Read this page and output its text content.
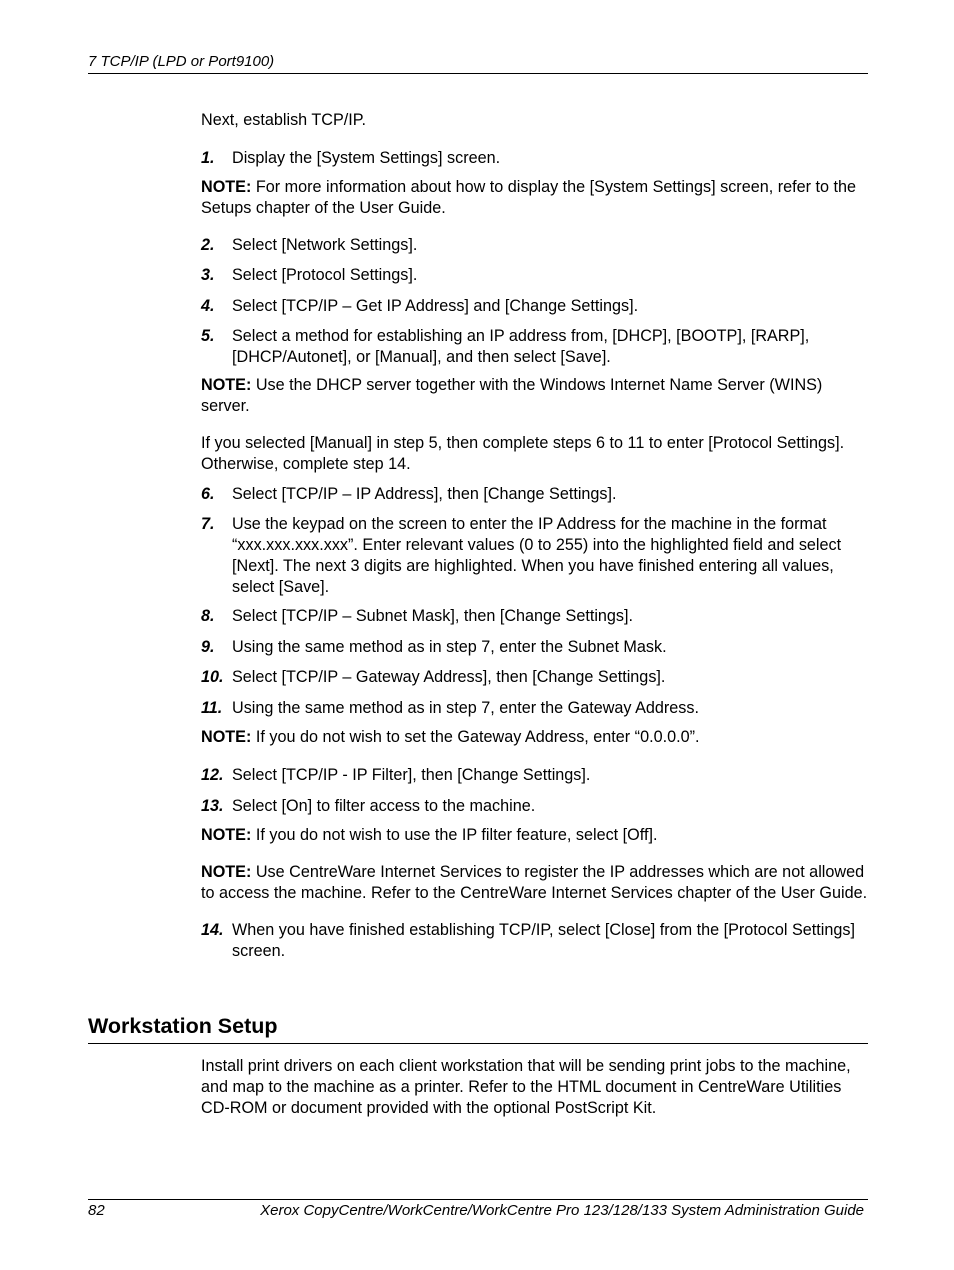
7 TCP/IP (LPD or Port9100)

Next, establish TCP/IP.

1. Display the [System Settings] screen.

NOTE: For more information about how to display the [System Settings] screen, refer to the Setups chapter of the User Guide.

2. Select [Network Settings].
3. Select [Protocol Settings].
4. Select [TCP/IP – Get IP Address] and [Change Settings].
5. Select a method for establishing an IP address from, [DHCP], [BOOTP], [RARP], [DHCP/Autonet], or [Manual], and then select [Save].

NOTE: Use the DHCP server together with the Windows Internet Name Server (WINS) server.

If you selected [Manual] in step 5, then complete steps 6 to 11 to enter [Protocol Settings]. Otherwise, complete step 14.

6. Select [TCP/IP – IP Address], then [Change Settings].
7. Use the keypad on the screen to enter the IP Address for the machine in the format “xxx.xxx.xxx.xxx”. Enter relevant values (0 to 255) into the highlighted field and select [Next]. The next 3 digits are highlighted. When you have finished entering all values, select [Save].
8. Select [TCP/IP – Subnet Mask], then [Change Settings].
9. Using the same method as in step 7, enter the Subnet Mask.
10. Select [TCP/IP – Gateway Address], then [Change Settings].
11. Using the same method as in step 7, enter the Gateway Address.

NOTE: If you do not wish to set the Gateway Address, enter “0.0.0.0”.

12. Select [TCP/IP - IP Filter], then [Change Settings].
13. Select [On] to filter access to the machine.

NOTE: If you do not wish to use the IP filter feature, select [Off].

NOTE: Use CentreWare Internet Services to register the IP addresses which are not allowed to access the machine. Refer to the CentreWare Internet Services chapter of the User Guide.

14. When you have finished establishing TCP/IP, select [Close] from the [Protocol Settings] screen.
Workstation Setup

Install print drivers on each client workstation that will be sending print jobs to the machine, and map to the machine as a printer. Refer to the HTML document in CentreWare Utilities CD-ROM or document provided with the optional PostScript Kit.

82	Xerox CopyCentre/WorkCentre/WorkCentre Pro 123/128/133 System Administration Guide
